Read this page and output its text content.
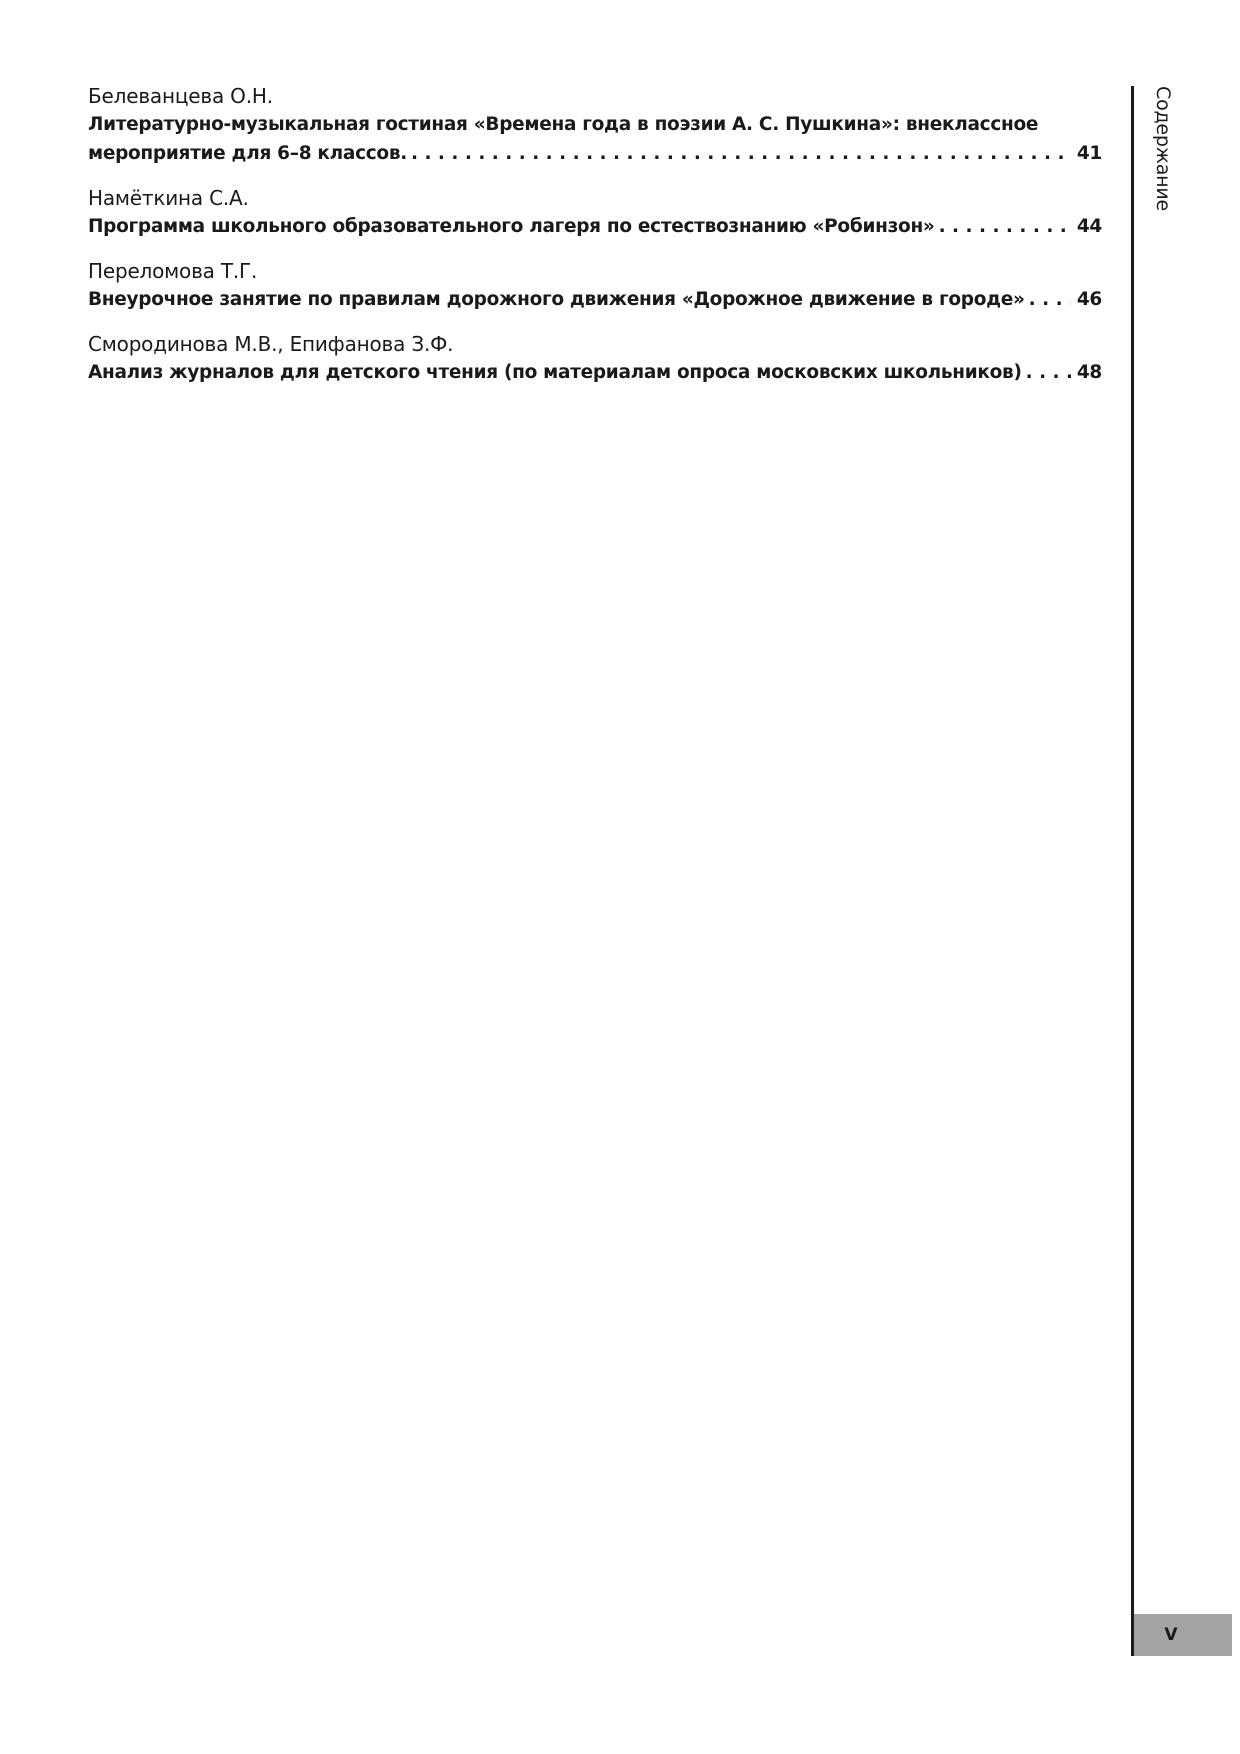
Белеванцева О.Н.
Литературно-музыкальная гостиная «Времена года в поэзии А. С. Пушкина»: внеклассное
мероприятие для 6–8 классов. . . .	41
Намёткина С.А.
Программа школьного образовательного лагеря по естествознанию «Робинзон» . . .	44
Переломова Т.Г.
Внеурочное занятие по правилам дорожного движения «Дорожное движение в городе» . . .	46
Смородинова М.В., Епифанова З.Ф.
Анализ журналов для детского чтения (по материалам опроса московских школьников) . . .	48
Содержание
V
